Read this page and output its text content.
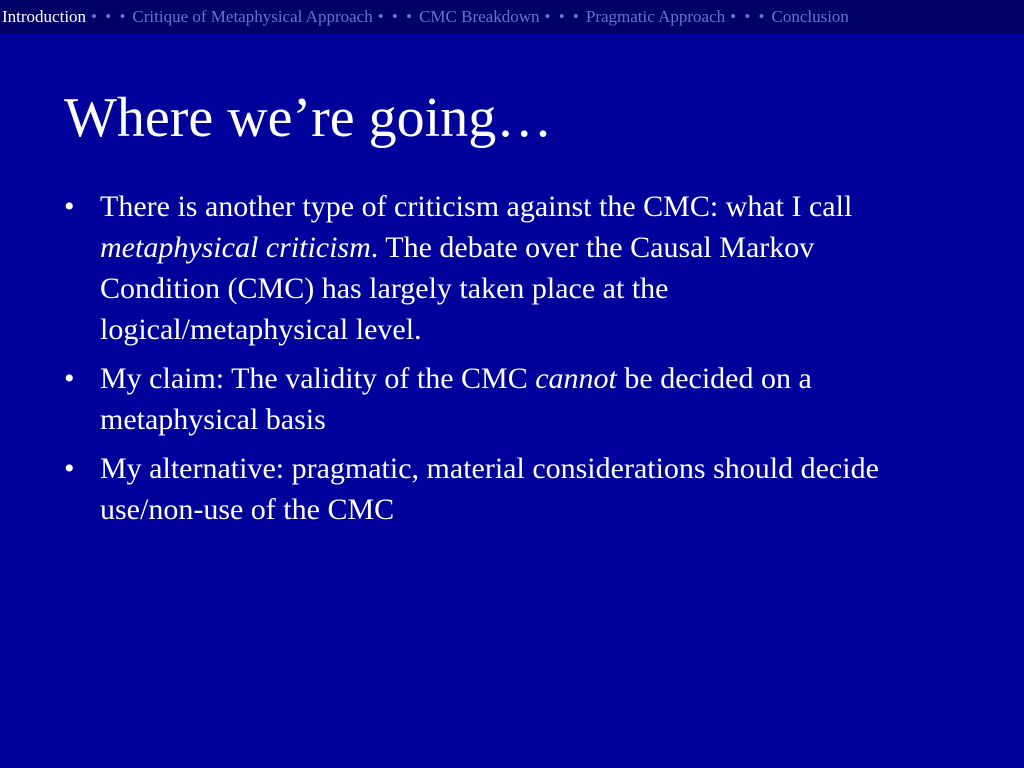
Introduction • • • Critique of Metaphysical Approach • • • CMC Breakdown • • • Pragmatic Approach • • • Conclusion
Where we’re going…
• There is another type of criticism against the CMC: what I call metaphysical criticism. The debate over the Causal Markov Condition (CMC) has largely taken place at the logical/metaphysical level.
• My claim: The validity of the CMC cannot be decided on a metaphysical basis
• My alternative: pragmatic, material considerations should decide use/non-use of the CMC
